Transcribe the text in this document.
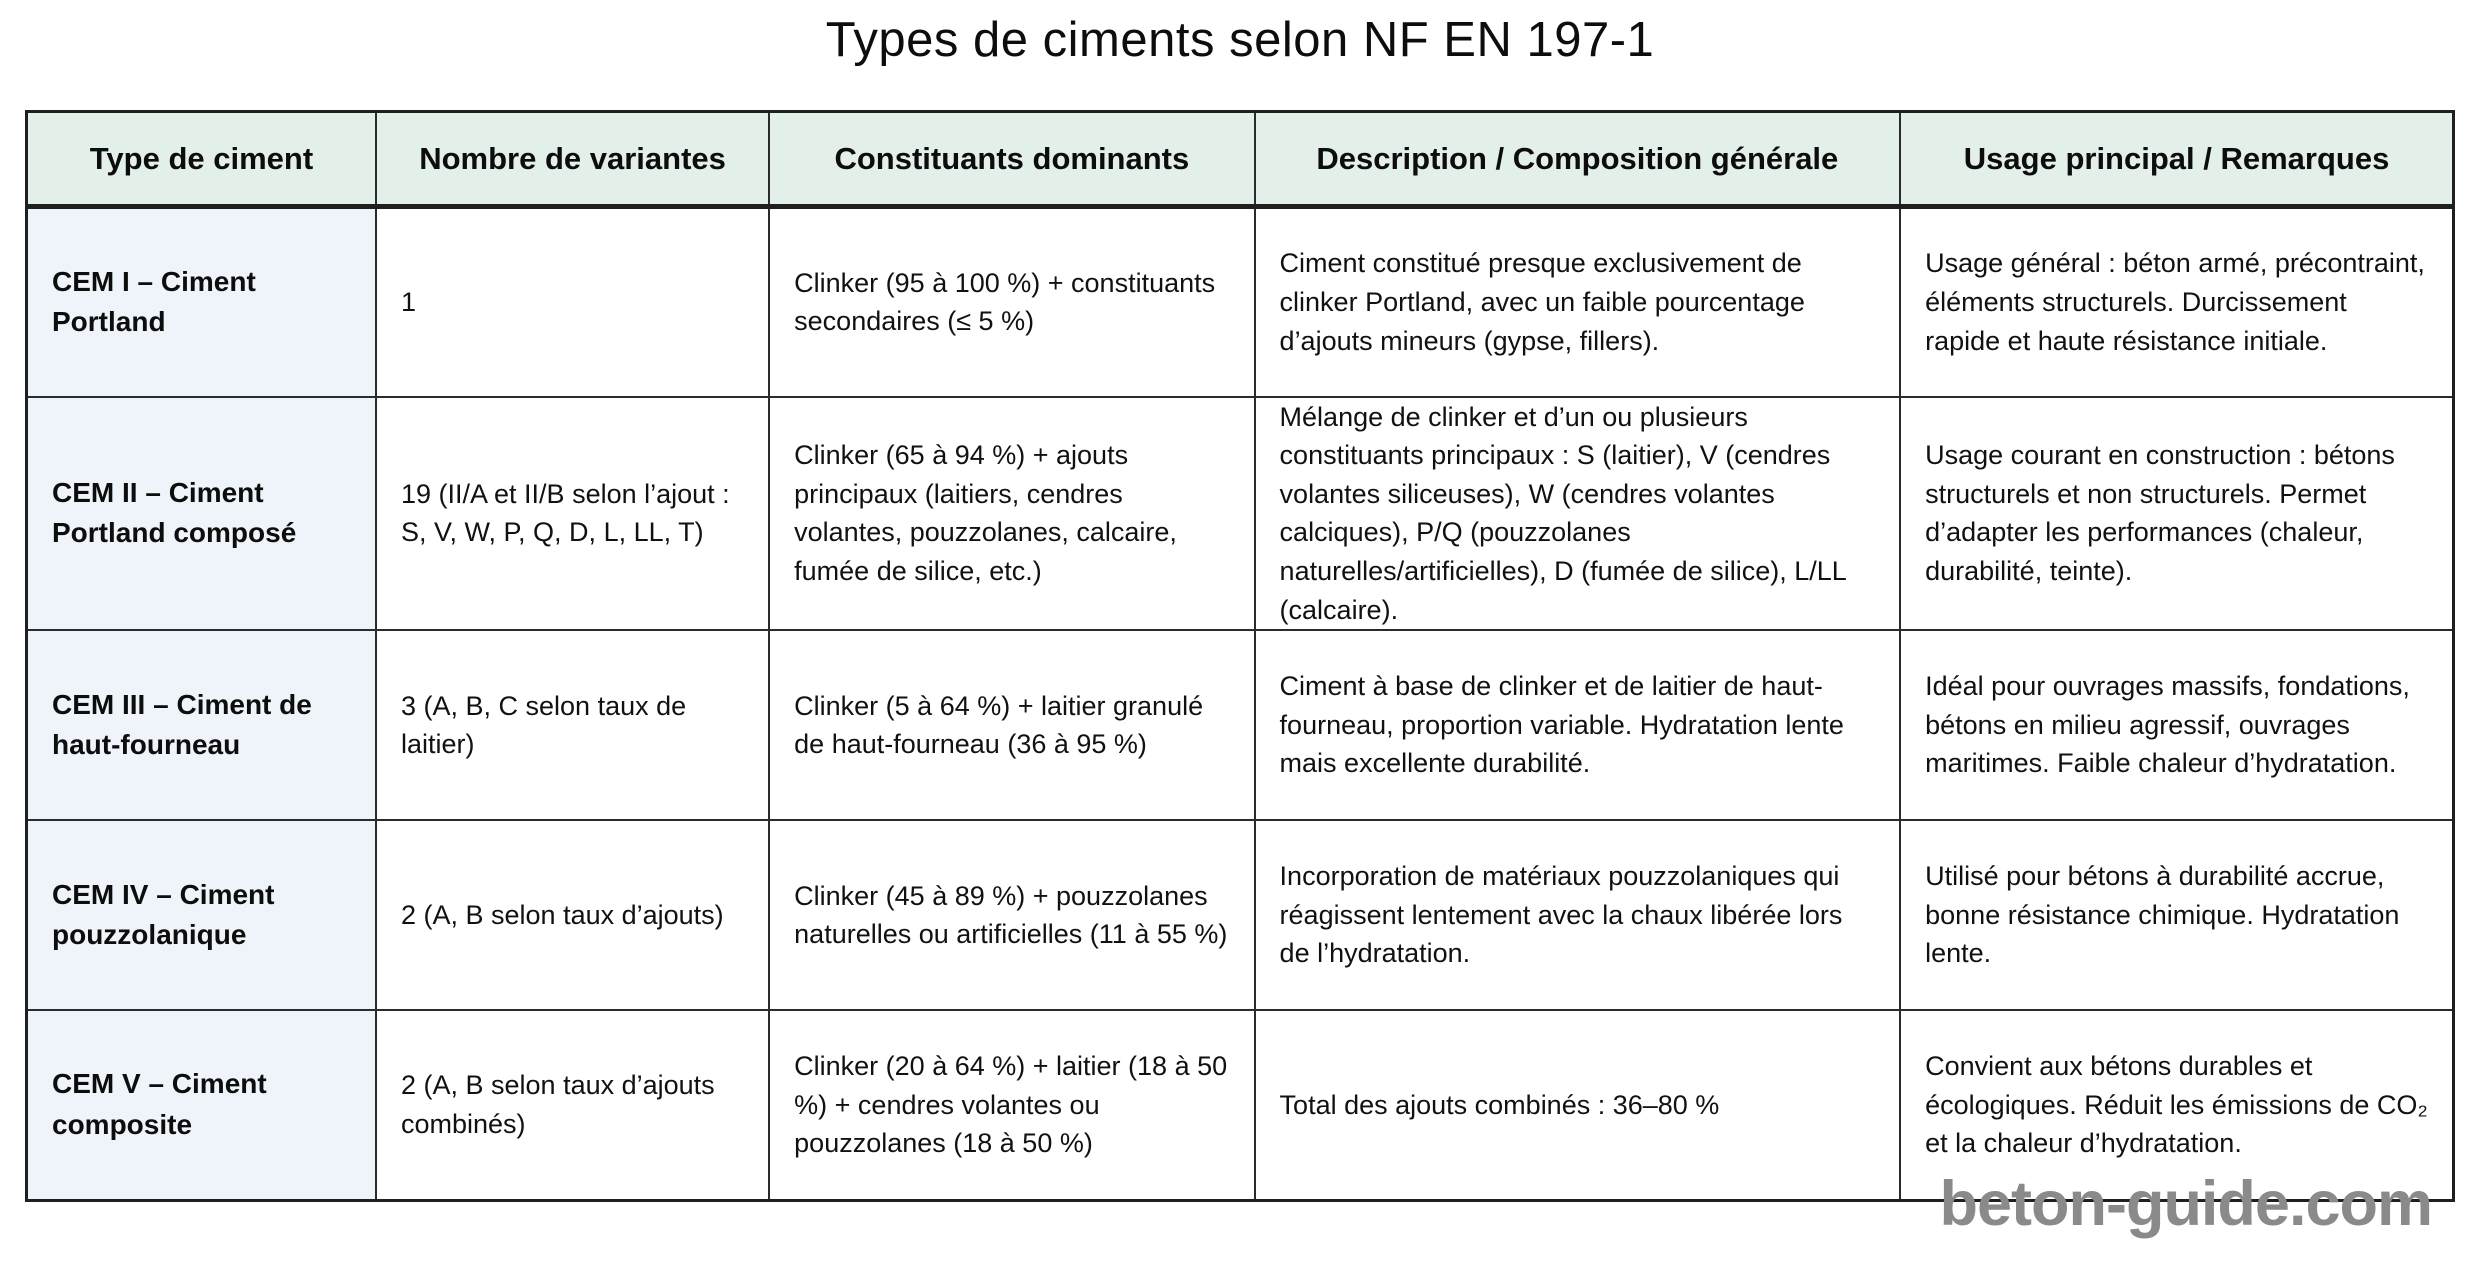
Types de ciments selon NF EN 197-1
Type de ciment	Nombre de variantes	Constituants dominants	Description / Composition générale	Usage principal / Remarques
CEM I – Ciment Portland	1	Clinker (95 à 100 %) + constituants secondaires (≤ 5 %)	Ciment constitué presque exclusivement de clinker Portland, avec un faible pourcentage d’ajouts mineurs (gypse, fillers).	Usage général : béton armé, précontraint, éléments structurels. Durcissement rapide et haute résistance initiale.
CEM II – Ciment Portland composé	19 (II/A et II/B selon l’ajout : S, V, W, P, Q, D, L, LL, T)	Clinker (65 à 94 %) + ajouts principaux (laitiers, cendres volantes, pouzzolanes, calcaire, fumée de silice, etc.)	Mélange de clinker et d’un ou plusieurs constituants principaux : S (laitier), V (cendres volantes siliceuses), W (cendres volantes calciques), P/Q (pouzzolanes naturelles/artificielles), D (fumée de silice), L/LL (calcaire).	Usage courant en construction : bétons structurels et non structurels. Permet d’adapter les performances (chaleur, durabilité, teinte).
CEM III – Ciment de haut-fourneau	3 (A, B, C selon taux de laitier)	Clinker (5 à 64 %) + laitier granulé de haut-fourneau (36 à 95 %)	Ciment à base de clinker et de laitier de haut-fourneau, proportion variable. Hydratation lente mais excellente durabilité.	Idéal pour ouvrages massifs, fondations, bétons en milieu agressif, ouvrages maritimes. Faible chaleur d’hydratation.
CEM IV – Ciment pouzzolanique	2 (A, B selon taux d’ajouts)	Clinker (45 à 89 %) + pouzzolanes naturelles ou artificielles (11 à 55 %)	Incorporation de matériaux pouzzolaniques qui réagissent lentement avec la chaux libérée lors de l’hydratation.	Utilisé pour bétons à durabilité accrue, bonne résistance chimique. Hydratation lente.
CEM V – Ciment composite	2 (A, B selon taux d’ajouts combinés)	Clinker (20 à 64 %) + laitier (18 à 50 %) + cendres volantes ou pouzzolanes (18 à 50 %)	Total des ajouts combinés : 36–80 %	Convient aux bétons durables et écologiques. Réduit les émissions de CO₂ et la chaleur d’hydratation.
beton-guide.com
